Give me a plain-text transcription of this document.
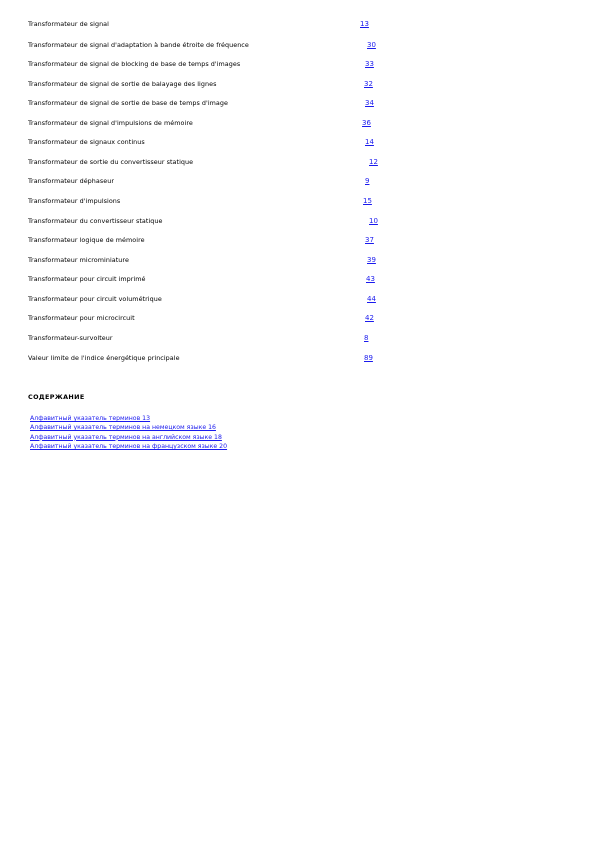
Transformateur de signal	13
Transformateur de signal d'adaptation à bande étroite de fréquence	30
Transformateur de signal de blocking de base de temps d'images	33
Transformateur de signal de sortie de balayage des lignes	32
Transformateur de signal de sortie de base de temps d'image	34
Transformateur de signal d'impulsions de mémoire	36
Transformateur de signaux continus	14
Transformateur de sortie du convertisseur statique	12
Transformateur déphaseur	9
Transformateur d'impulsions	15
Transformateur du convertisseur statique	10
Transformateur logique de mémoire	37
Transformateur microminiature	39
Transformateur pour circuit imprimé	43
Transformateur pour circuit volumétrique	44
Transformateur pour microcircuit	42
Transformateur-survolteur	8
Valeur limite de l'indice énergétique principale	89
СОДЕРЖАНИЕ
Алфавитный указатель терминов 13
Алфавитный указатель терминов на немецком языке 16
Алфавитный указатель терминов на английском языке 18
Алфавитный указатель терминов на французском языке 20
